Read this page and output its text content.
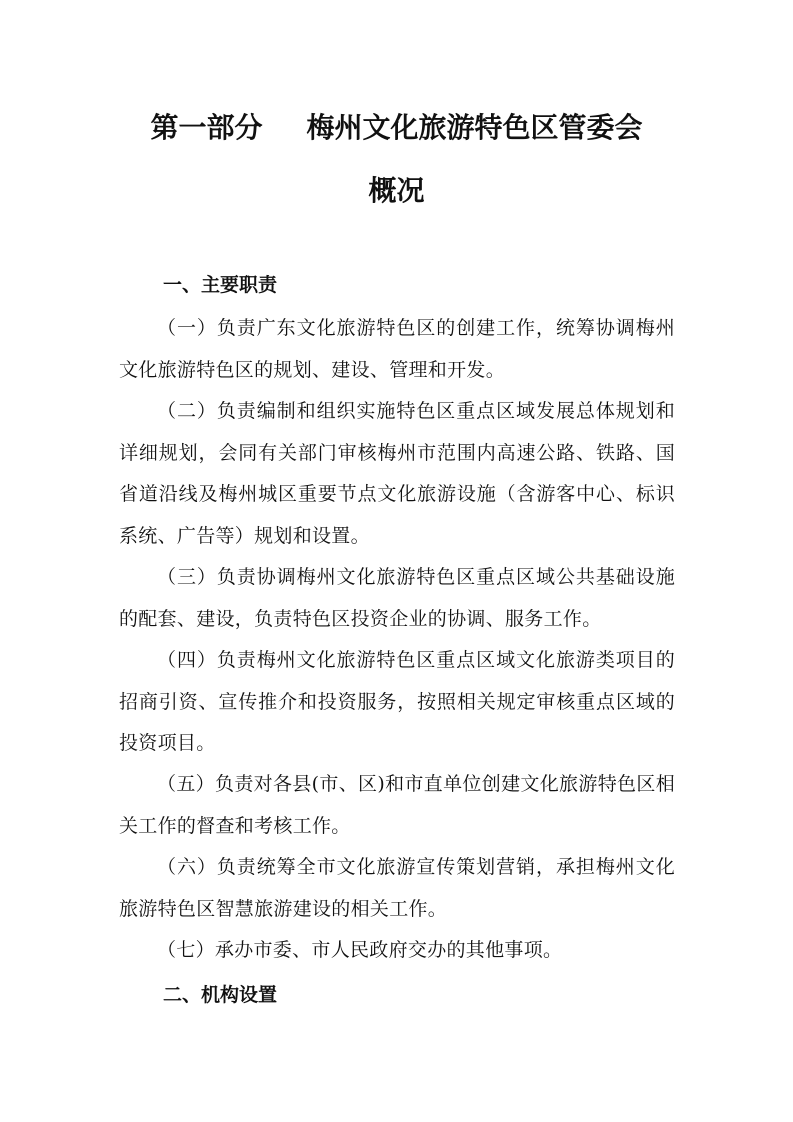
第一部分 梅州文化旅游特色区管委会
概况
一、主要职责

（一）负责广东文化旅游特色区的创建工作，统筹协调梅州文化旅游特色区的规划、建设、管理和开发。

（二）负责编制和组织实施特色区重点区域发展总体规划和详细规划，会同有关部门审核梅州市范围内高速公路、铁路、国省道沿线及梅州城区重要节点文化旅游设施（含游客中心、标识系统、广告等）规划和设置。

（三）负责协调梅州文化旅游特色区重点区域公共基础设施的配套、建设，负责特色区投资企业的协调、服务工作。

（四）负责梅州文化旅游特色区重点区域文化旅游类项目的招商引资、宣传推介和投资服务，按照相关规定审核重点区域的投资项目。

（五）负责对各县(市、区)和市直单位创建文化旅游特色区相关工作的督查和考核工作。

（六）负责统筹全市文化旅游宣传策划营销，承担梅州文化旅游特色区智慧旅游建设的相关工作。

（七）承办市委、市人民政府交办的其他事项。

二、机构设置
